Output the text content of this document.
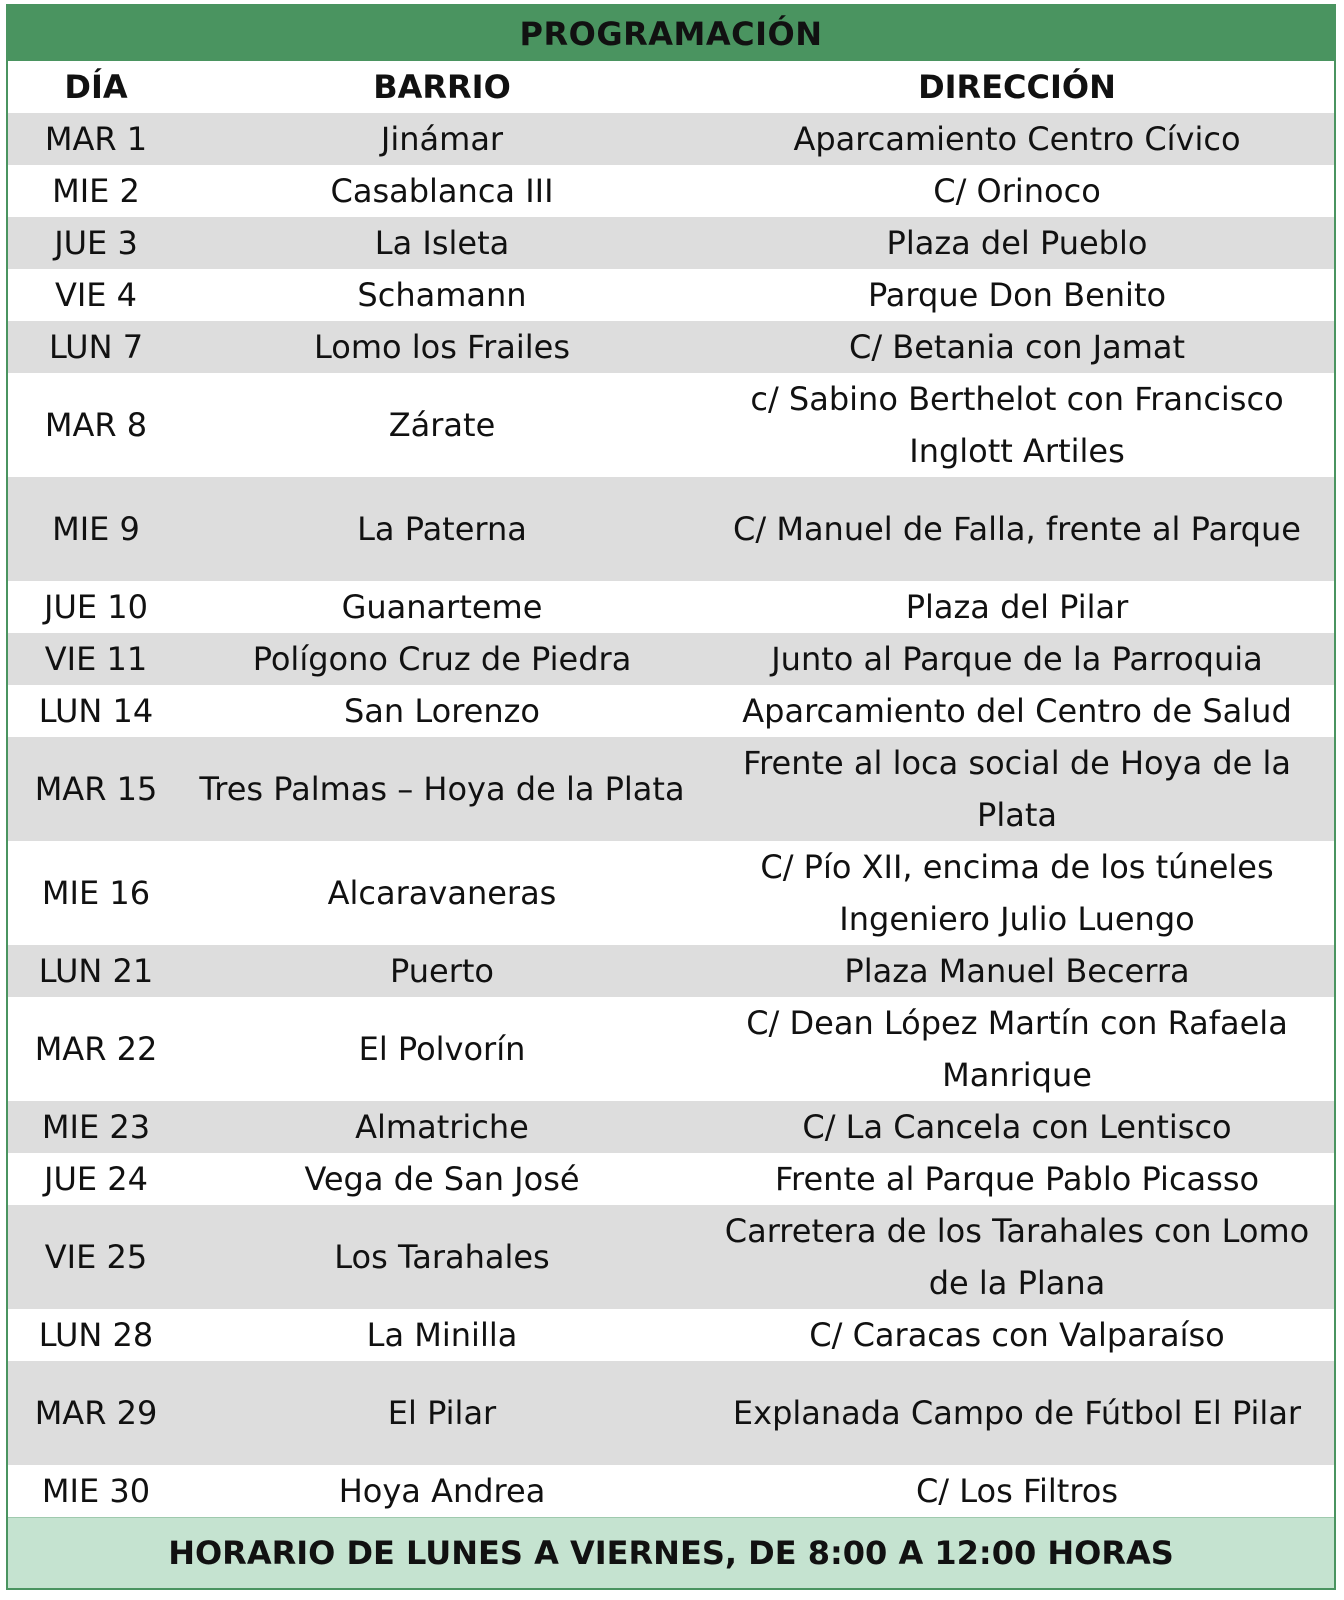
PROGRAMACIÓN
DÍA	BARRIO	DIRECCIÓN
MAR 1	Jinámar	Aparcamiento Centro Cívico
MIE 2	Casablanca III	C/ Orinoco
JUE 3	La Isleta	Plaza del Pueblo
VIE 4	Schamann	Parque Don Benito
LUN 7	Lomo los Frailes	C/ Betania con Jamat
MAR 8	Zárate	c/ Sabino Berthelot con Francisco Inglott Artiles
MIE 9	La Paterna	C/ Manuel de Falla, frente al Parque
JUE 10	Guanarteme	Plaza del Pilar
VIE 11	Polígono Cruz de Piedra	Junto al Parque de la Parroquia
LUN 14	San Lorenzo	Aparcamiento del Centro de Salud
MAR 15	Tres Palmas – Hoya de la Plata	Frente al loca social de Hoya de la Plata
MIE 16	Alcaravaneras	C/ Pío XII, encima de los túneles Ingeniero Julio Luengo
LUN 21	Puerto	Plaza Manuel Becerra
MAR 22	El Polvorín	C/ Dean López Martín con Rafaela Manrique
MIE 23	Almatriche	C/ La Cancela con Lentisco
JUE 24	Vega de San José	Frente al Parque Pablo Picasso
VIE 25	Los Tarahales	Carretera de los Tarahales con Lomo de la Plana
LUN 28	La Minilla	C/ Caracas con Valparaíso
MAR 29	El Pilar	Explanada Campo de Fútbol El Pilar
MIE 30	Hoya Andrea	C/ Los Filtros
HORARIO DE LUNES A VIERNES, DE 8:00 A 12:00 HORAS
